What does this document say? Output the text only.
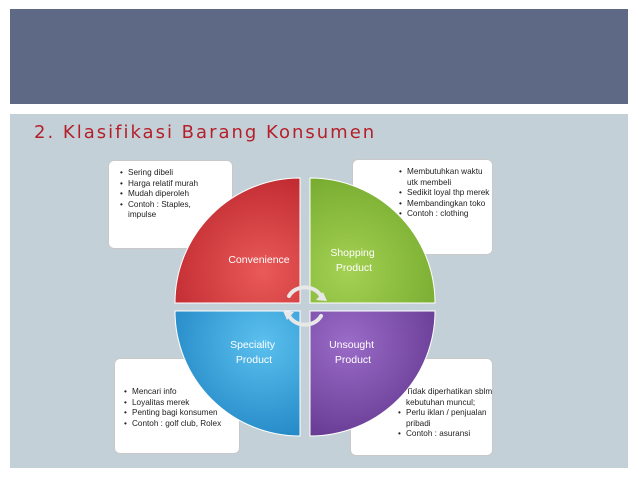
2. Klasifikasi Barang Konsumen
• Sering dibeli
• Harga relatif murah
• Mudah diperoleh
• Contoh : Staples, impulse
• Membutuhkan waktu utk membeli
• Sedikit loyal thp merek
• Membandingkan toko
• Contoh : clothing
• Mencari info
• Loyalitas merek
• Penting bagi konsumen
• Contoh : golf club, Rolex
• Tidak diperhatikan sblm kebutuhan muncul;
• Perlu iklan / penjualan pribadi
• Contoh : asuransi
Convenience
Shopping Product
Speciality Product
Unsought Product
